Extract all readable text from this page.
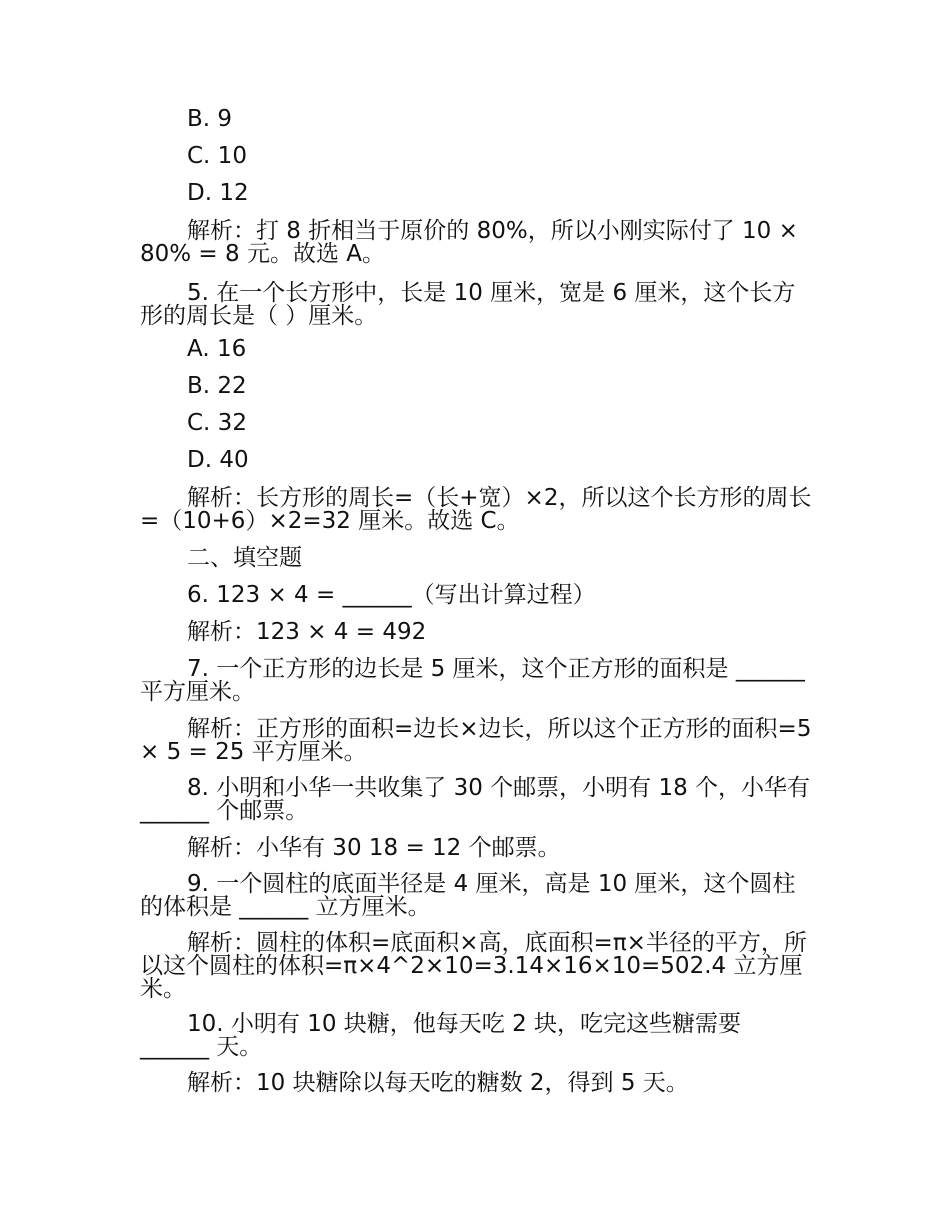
B. 9
C. 10
D. 12
解析：打 8 折相当于原价的 80%，所以小刚实际付了 10 × 80% = 8 元。故选 A。
5. 在一个长方形中，长是 10 厘米，宽是 6 厘米，这个长方形的周长是（ ）厘米。
A. 16
B. 22
C. 32
D. 40
解析：长方形的周长=（长+宽）×2，所以这个长方形的周长=（10+6）×2=32 厘米。故选 C。
二、填空题
6. 123 × 4 = ______（写出计算过程）
解析：123 × 4 = 492
7. 一个正方形的边长是 5 厘米，这个正方形的面积是 ______ 平方厘米。
解析：正方形的面积=边长×边长，所以这个正方形的面积=5 × 5 = 25 平方厘米。
8. 小明和小华一共收集了 30 个邮票，小明有 18 个，小华有 ______ 个邮票。
解析：小华有 30 18 = 12 个邮票。
9. 一个圆柱的底面半径是 4 厘米，高是 10 厘米，这个圆柱的体积是 ______ 立方厘米。
解析：圆柱的体积=底面积×高，底面积=π×半径的平方，所以这个圆柱的体积=π×4^2×10=3.14×16×10=502.4 立方厘米。
10. 小明有 10 块糖，他每天吃 2 块，吃完这些糖需要 ______ 天。
解析：10 块糖除以每天吃的糖数 2，得到 5 天。
